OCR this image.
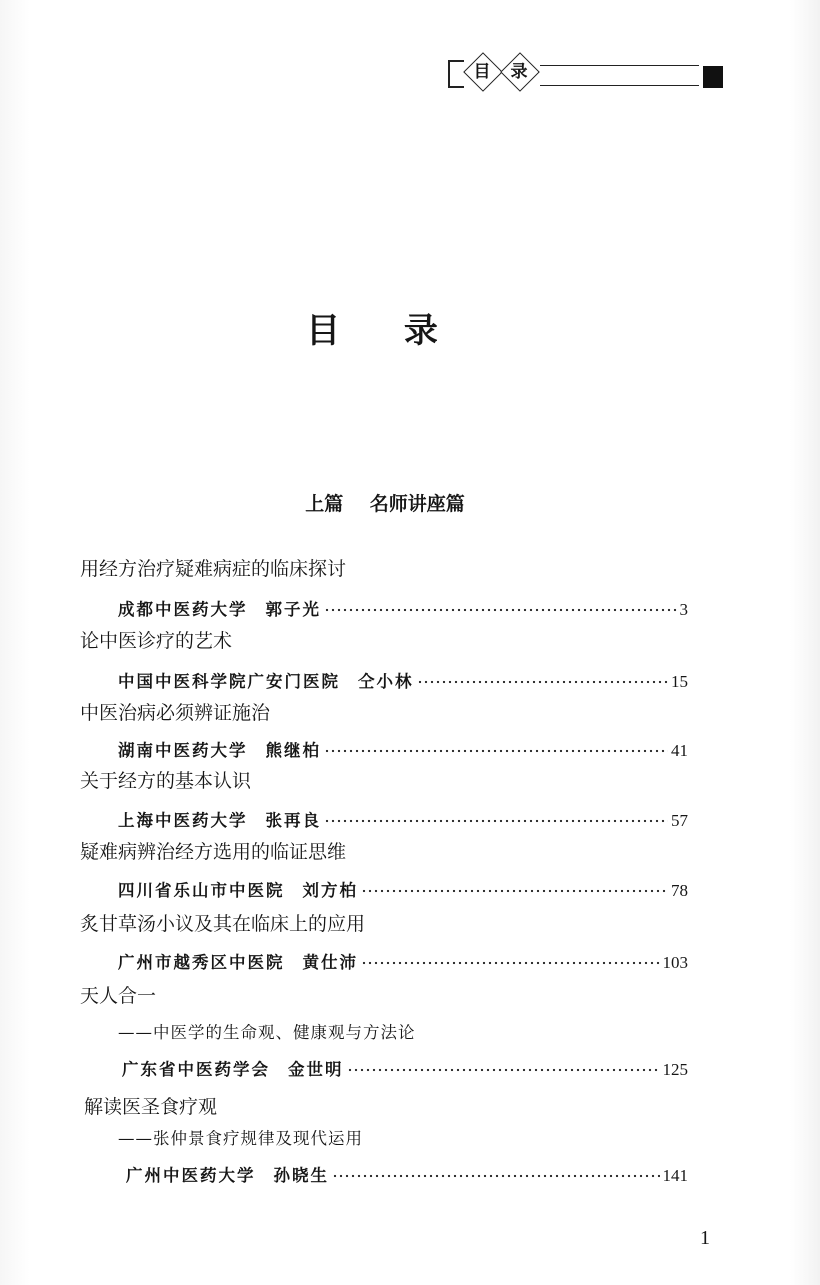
目	录
目 录
上篇    名师讲座篇
用经方治疗疑难病症的临床探讨
成都中医药大学 郭子光	3
论中医诊疗的艺术
中国中医科学院广安门医院 仝小林	15
中医治病必须辨证施治
湖南中医药大学 熊继柏	41
关于经方的基本认识
上海中医药大学 张再良	57
疑难病辨治经方选用的临证思维
四川省乐山市中医院 刘方柏	78
炙甘草汤小议及其在临床上的应用
广州市越秀区中医院 黄仕沛	103
天人合一
——中医学的生命观、健康观与方法论
广东省中医药学会 金世明	125
解读医圣食疗观
——张仲景食疗规律及现代运用
广州中医药大学 孙晓生	141
1
